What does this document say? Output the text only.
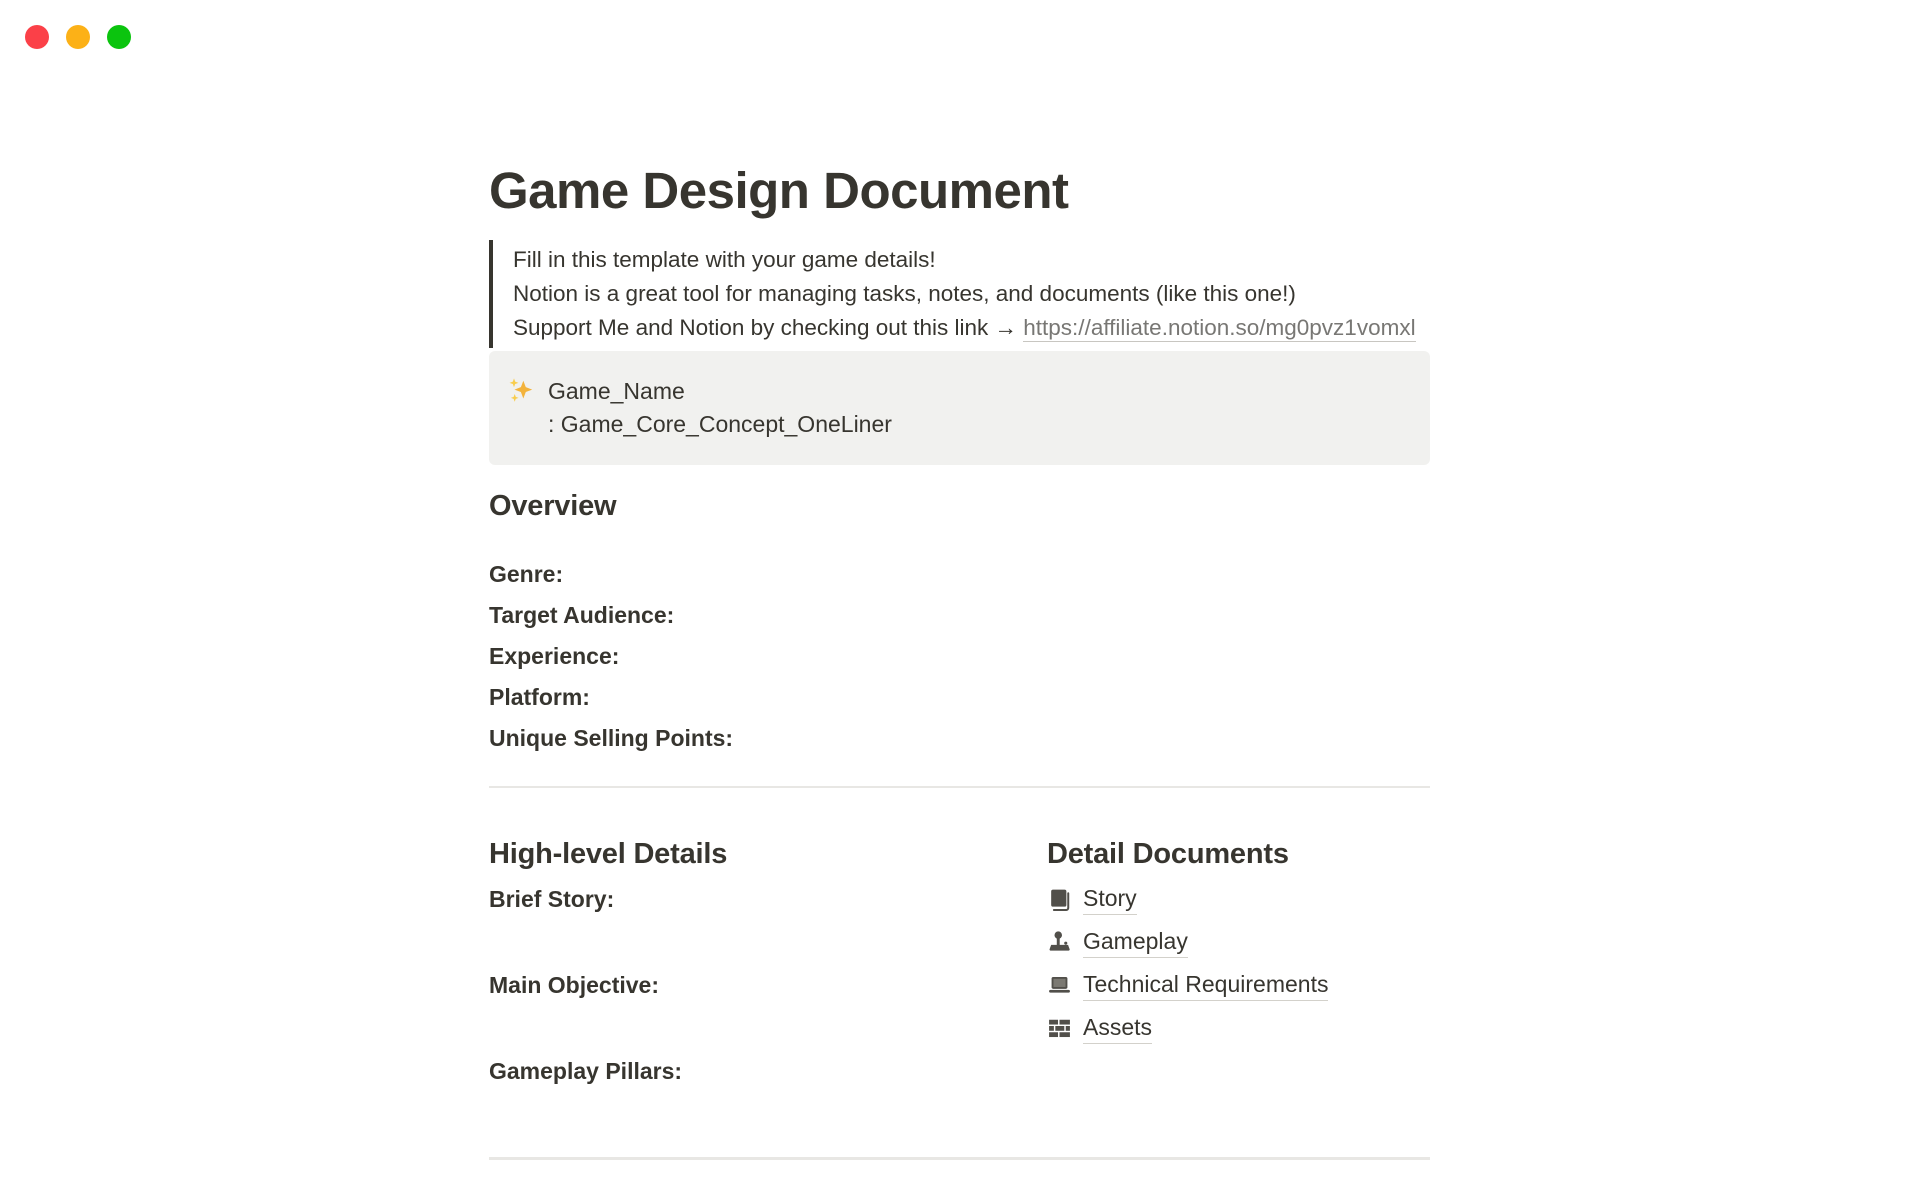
Game Design Document
Fill in this template with your game details!
Notion is a great tool for managing tasks, notes, and documents (like this one!)
Support Me and Notion by checking out this link → https://affiliate.notion.so/mg0pvz1vomxl
Game_Name
: Game_Core_Concept_OneLiner
Overview
Genre:
Target Audience:
Experience:
Platform:
Unique Selling Points:
High-level Details
Brief Story:
Main Objective:
Gameplay Pillars:
Detail Documents
Story
Gameplay
Technical Requirements
Assets
